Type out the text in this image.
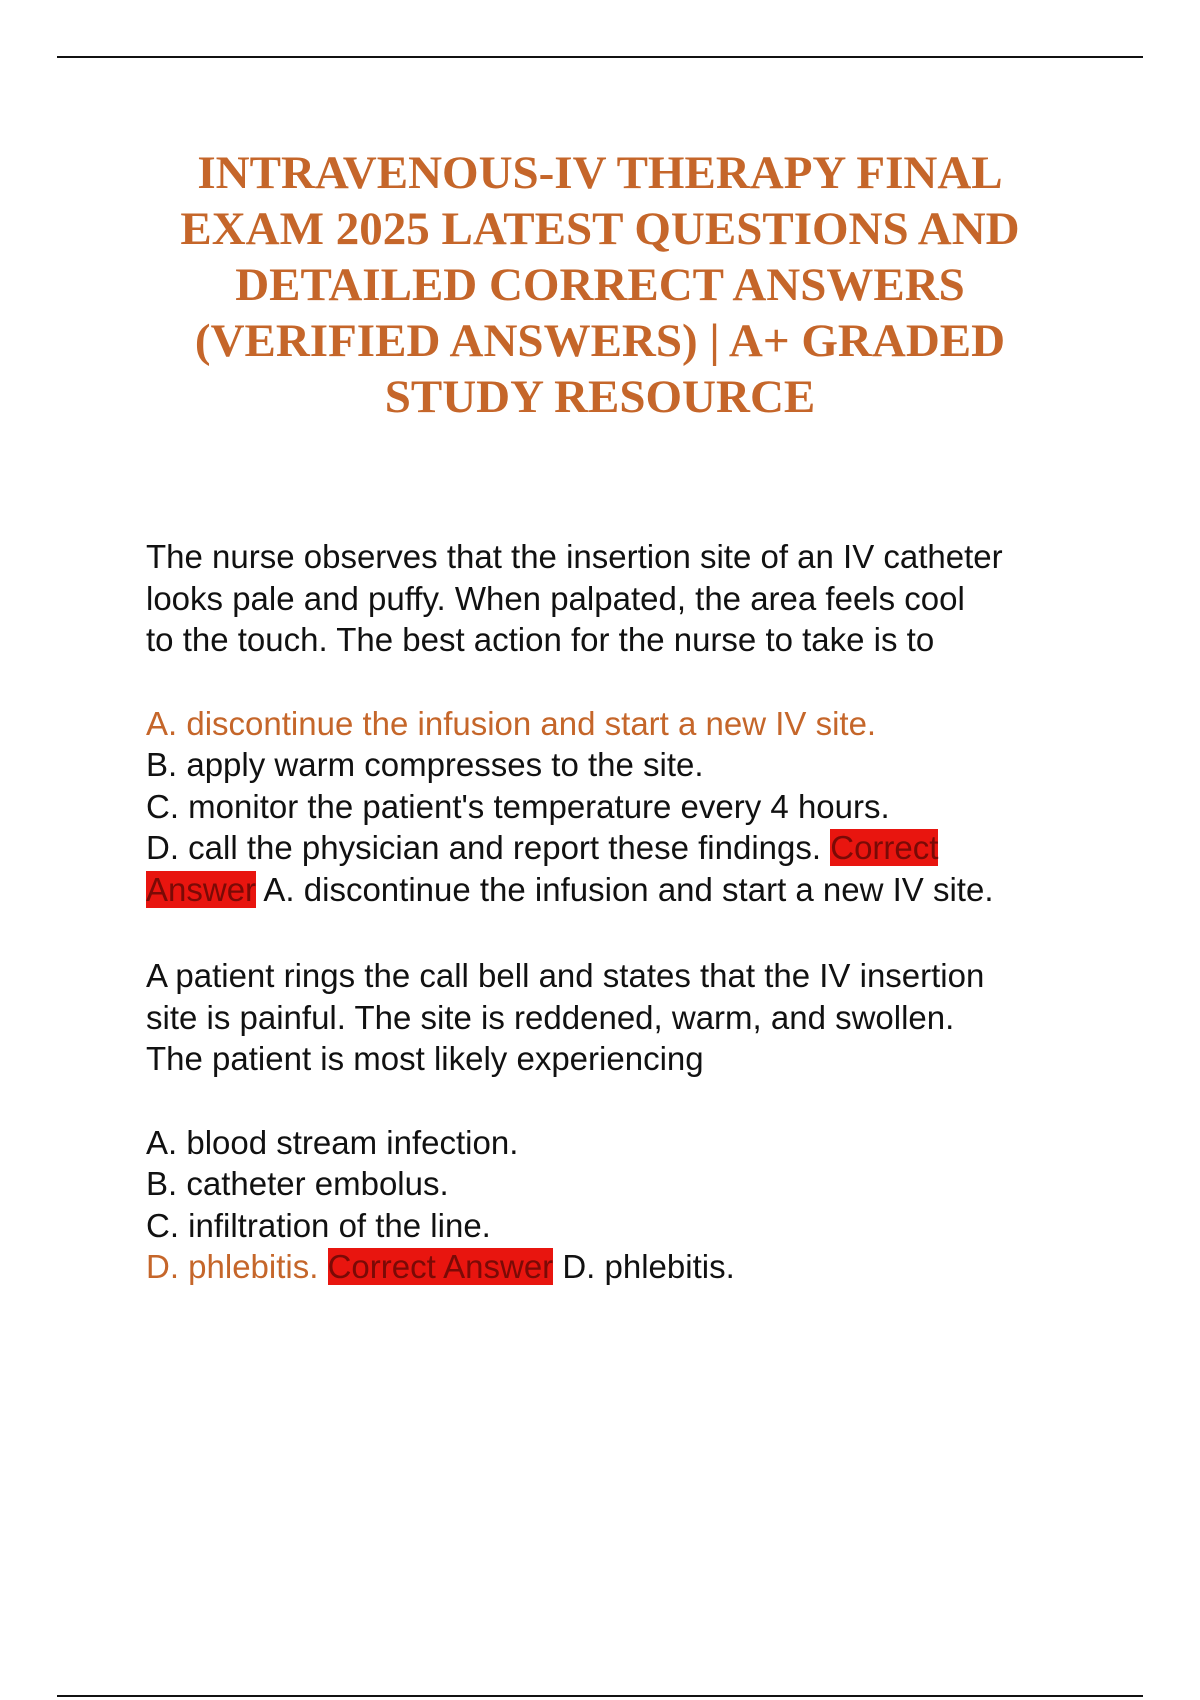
INTRAVENOUS-IV THERAPY FINAL
EXAM 2025 LATEST QUESTIONS AND
DETAILED CORRECT ANSWERS
(VERIFIED ANSWERS) | A+ GRADED
STUDY RESOURCE

The nurse observes that the insertion site of an IV catheter
looks pale and puffy. When palpated, the area feels cool
to the touch. The best action for the nurse to take is to

A. discontinue the infusion and start a new IV site.
B. apply warm compresses to the site.
C. monitor the patient's temperature every 4 hours.
D. call the physician and report these findings. Correct
Answer A. discontinue the infusion and start a new IV site.

A patient rings the call bell and states that the IV insertion
site is painful. The site is reddened, warm, and swollen.
The patient is most likely experiencing

A. blood stream infection.
B. catheter embolus.
C. infiltration of the line.
D. phlebitis. Correct Answer D. phlebitis.
